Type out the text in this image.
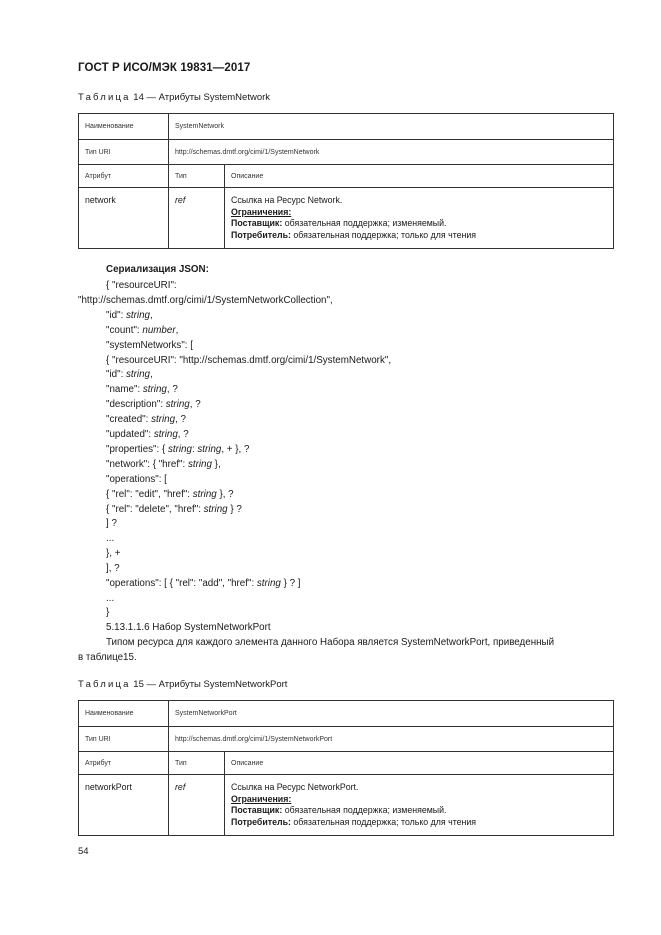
ГОСТ Р ИСО/МЭК 19831—2017
Таблица 14 — Атрибуты SystemNetwork
Наименование	SystemNetwork	
Тип URI	http://schemas.dmtf.org/cimi/1/SystemNetwork	
Атрибут	Тип	Описание
network	ref	Ссылка на Ресурс Network.
Ограничения:
Поставщик: обязательная поддержка; изменяемый.
Потребитель: обязательная поддержка; только для чтения
Сериализация JSON:
{ "resourceURI":
"http://schemas.dmtf.org/cimi/1/SystemNetworkCollection",
"id": string,
"count": number,
"systemNetworks": [
{ "resourceURI": "http://schemas.dmtf.org/cimi/1/SystemNetwork",
"id": string,
"name": string, ?
"description": string, ?
"created": string, ?
"updated": string, ?
"properties": { string: string, + }, ?
"network": { "href": string },
"operations": [
{ "rel": "edit", "href": string }, ?
{ "rel": "delete", "href": string } ?
] ?
...
}, +
], ?
"operations": [ { "rel": "add", "href": string } ? ]
...
}
5.13.1.1.6 Набор SystemNetworkPort
Типом ресурса для каждого элемента данного Набора является SystemNetworkPort, приведенный
в таблице15.
Таблица 15 — Атрибуты SystemNetworkPort
Наименование	SystemNetworkPort	
Тип URI	http://schemas.dmtf.org/cimi/1/SystemNetworkPort	
Атрибут	Тип	Описание
networkPort	ref	Ссылка на Ресурс NetworkPort.
Ограничения:
Поставщик: обязательная поддержка; изменяемый.
Потребитель: обязательная поддержка; только для чтения
54
